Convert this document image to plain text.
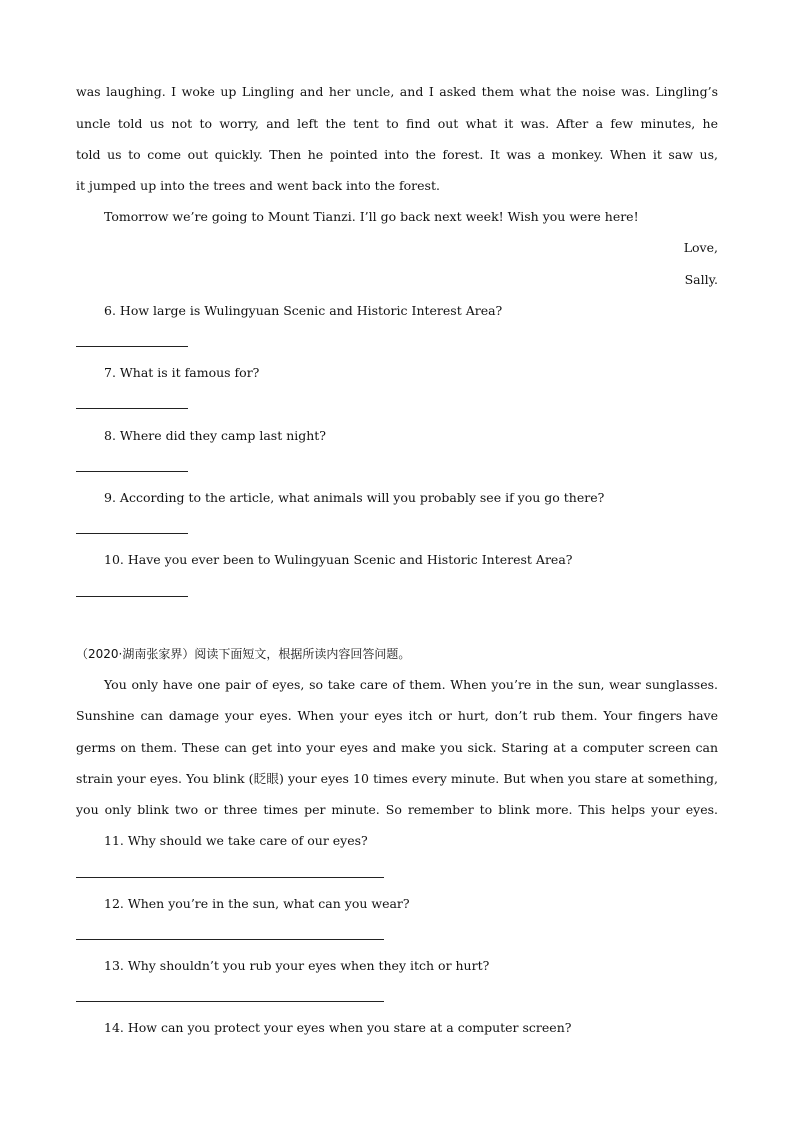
was laughing. I woke up Lingling and her uncle, and I asked them what the noise was. Lingling’s
uncle told us not to worry, and left the tent to find out what it was. After a few minutes, he
told us to come out quickly. Then he pointed into the forest. It was a monkey. When it saw us,
it jumped up into the trees and went back into the forest.
Tomorrow we’re going to Mount Tianzi. I’ll go back next week! Wish you were here!
Love,
Sally.
6. How large is Wulingyuan Scenic and Historic Interest Area?
7. What is it famous for?
8. Where did they camp last night?
9. According to the article, what animals will you probably see if you go there?
10. Have you ever been to Wulingyuan Scenic and Historic Interest Area?
（2020·湖南张家界）阅读下面短文，根据所读内容回答问题。
You only have one pair of eyes, so take care of them. When you’re in the sun, wear sunglasses.
Sunshine can damage your eyes. When your eyes itch or hurt, don’t rub them. Your fingers have
germs on them. These can get into your eyes and make you sick. Staring at a computer screen can
strain your eyes. You blink (眨眼) your eyes 10 times every minute. But when you stare at something,
you only blink two or three times per minute. So remember to blink more. This helps your eyes.
11. Why should we take care of our eyes?
12. When you’re in the sun, what can you wear?
13. Why shouldn’t you rub your eyes when they itch or hurt?
14. How can you protect your eyes when you stare at a computer screen?
